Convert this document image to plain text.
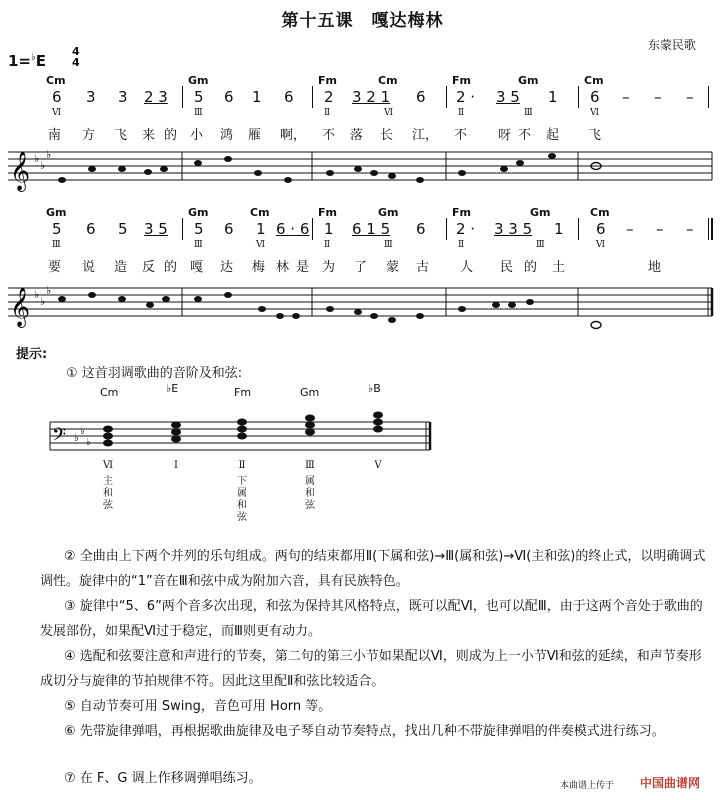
第十五课　嘎达梅林
东蒙民歌
1=♭E
4
4
Cm	Gm	Fm	Cm	Fm	Gm	Cm
6 3 3 2 3 5 6 1 6 2 3 2 1 6 2 · 3 5 1 6 – – –
Ⅵ	Ⅲ	Ⅱ	Ⅵ	Ⅱ	Ⅲ	Ⅵ
南 方 飞 来 的 小 鸿 雁 啊， 不 落 长 江， 不 呀 不 起 飞
𝄞 ♭
♭
♭
Gm	Gm	Cm	Fm	Gm	Fm	Gm	Cm
5 6 5 3 5 5 6 1 6 · 6 1 6 1 5 6 2 · 3 3 5 1 6 – – –
Ⅲ	Ⅲ	Ⅵ	Ⅱ	Ⅲ	Ⅱ	Ⅲ	Ⅵ
要 说 造 反 的 嘎 达 梅 林 是 为 了 蒙 古 人 民 的 土	地
𝄞 ♭
♭
♭
提示:
① 这首羽调歌曲的音阶及和弦:
Cm	♭E	Fm	Gm	♭B
𝄢 ♭
♭
♭
Ⅵ	Ⅰ	Ⅱ	Ⅲ	Ⅴ
主
和
弦
下
属
和
弦
属
和
弦
② 全曲由上下两个并列的乐句组成。两句的结束都用Ⅱ(下属和弦)→Ⅲ(属和弦)→Ⅵ(主和弦)的终止式，以明确调式调性。旋律中的“1”音在Ⅲ和弦中成为附加六音，具有民族特色。
③ 旋律中“5、6”两个音多次出现，和弦为保持其风格特点，既可以配Ⅵ，也可以配Ⅲ，由于这两个音处于歌曲的发展部份，如果配Ⅵ过于稳定，而Ⅲ则更有动力。
④ 选配和弦要注意和声进行的节奏，第二句的第三小节如果配以Ⅵ，则成为上一小节Ⅵ和弦的延续，和声节奏形成切分与旋律的节拍规律不符。因此这里配Ⅱ和弦比较适合。
⑤ 自动节奏可用 Swing，音色可用 Horn 等。
⑥ 先带旋律弹唱，再根据歌曲旋律及电子琴自动节奏特点，找出几种不带旋律弹唱的伴奏模式进行练习。
⑦ 在 F、G 调上作移调弹唱练习。	本曲谱上传于 中国曲谱网
